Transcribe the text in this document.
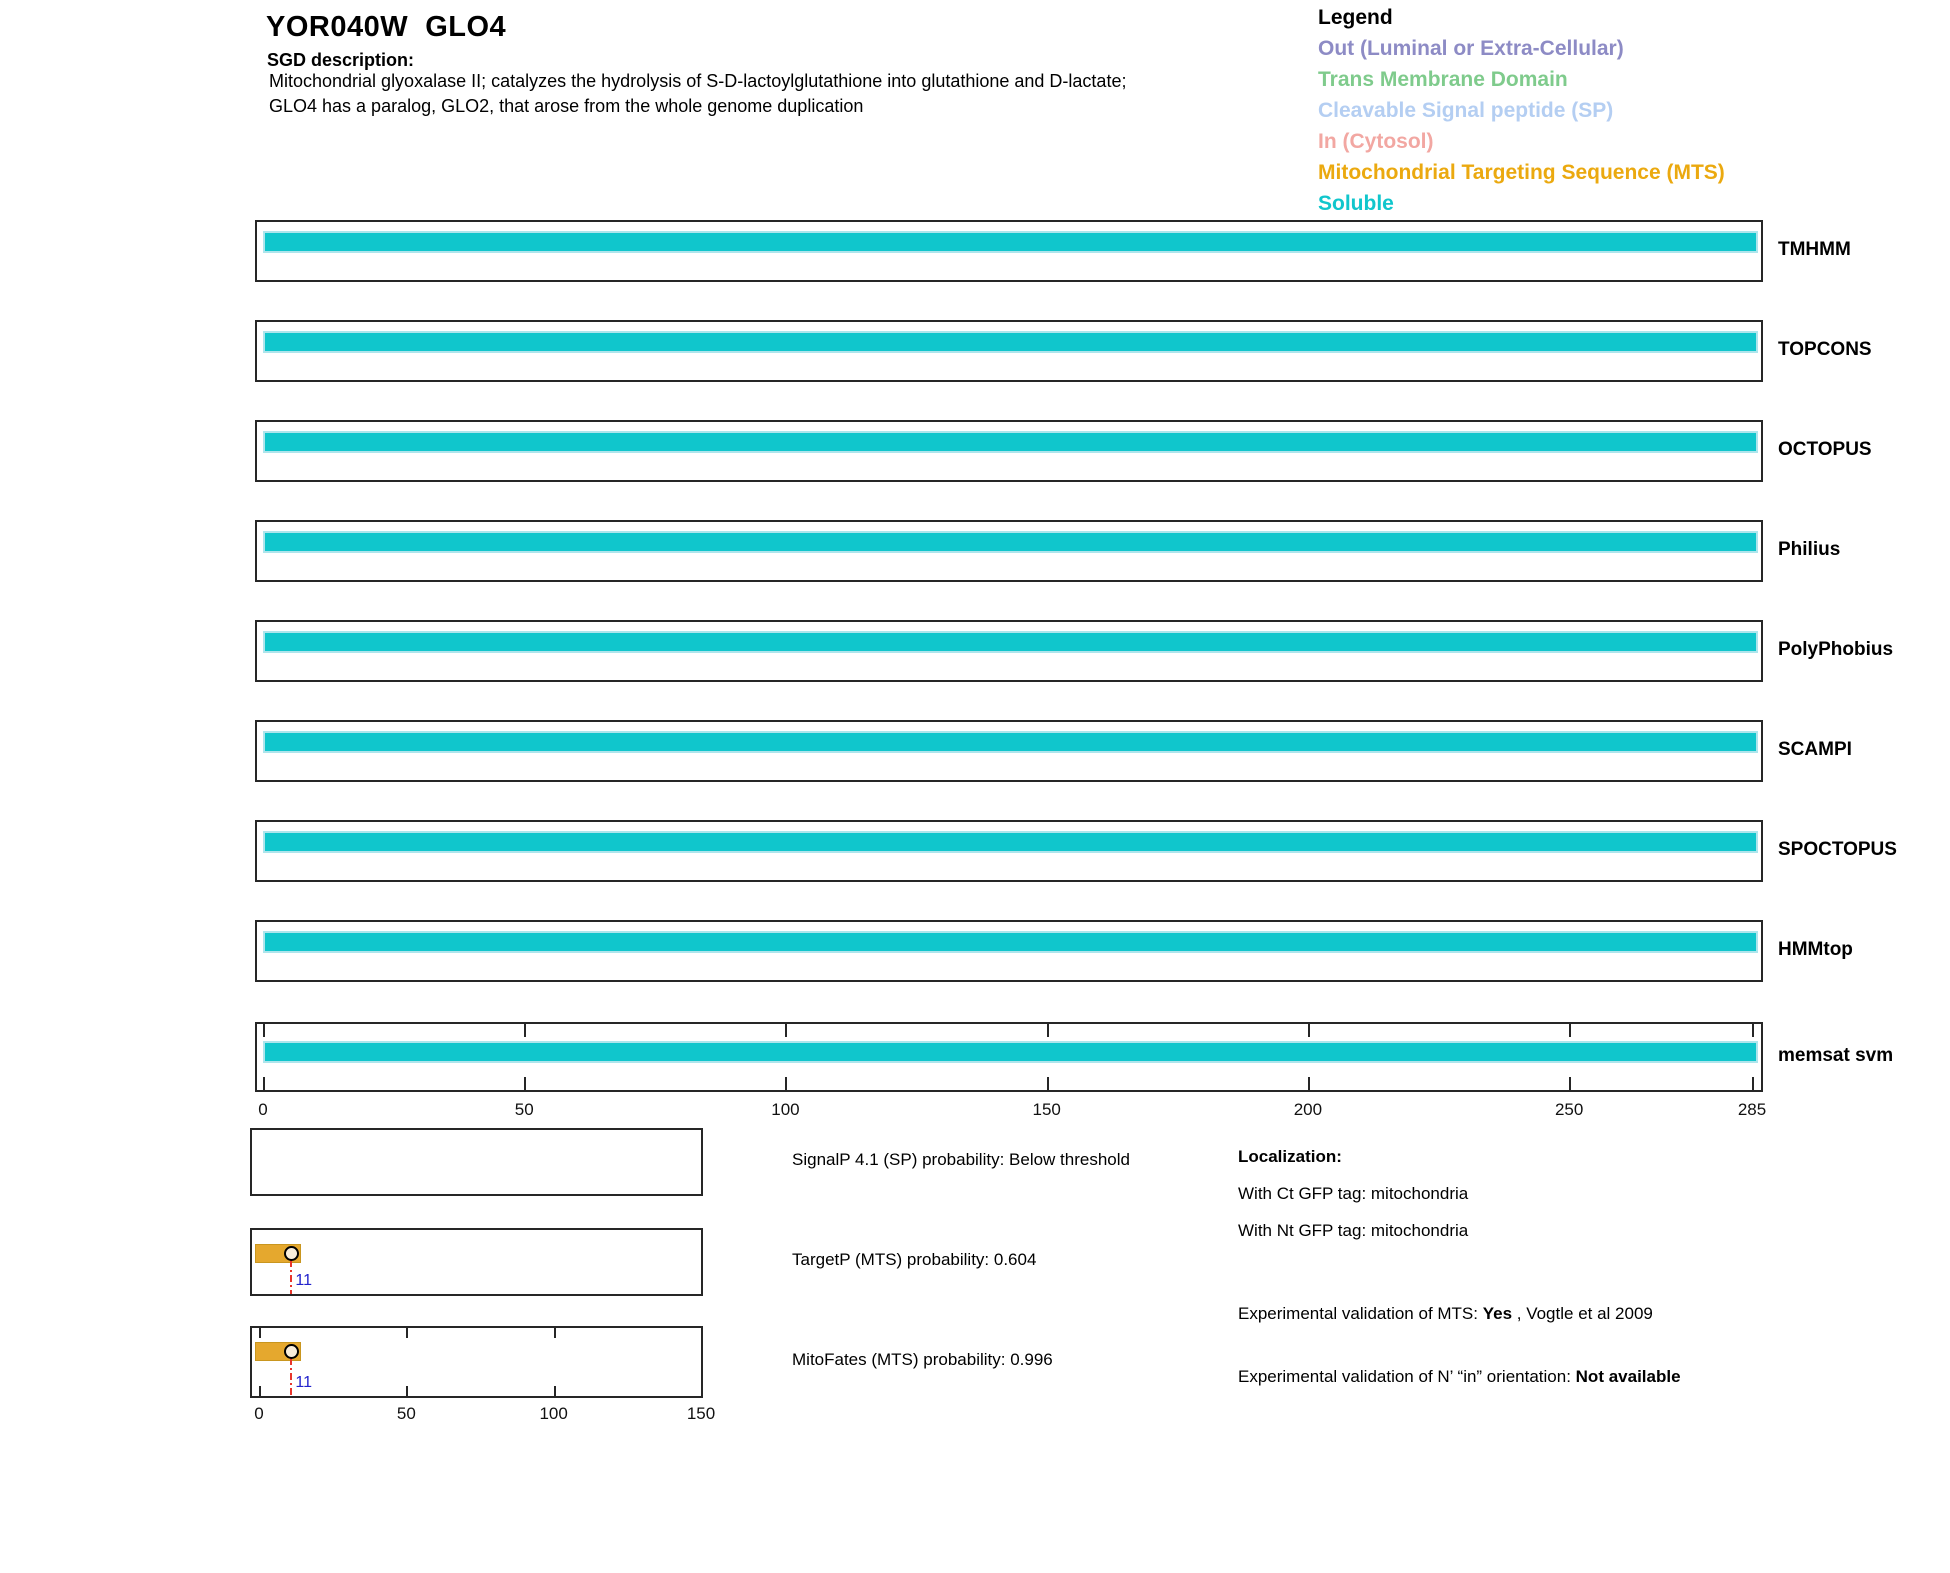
YOR040W  GLO4
SGD description:
Mitochondrial glyoxalase II; catalyzes the hydrolysis of S-D-lactoylglutathione into glutathione and D-lactate;
GLO4 has a paralog, GLO2, that arose from the whole genome duplication
Legend
Out (Luminal or Extra-Cellular)
Trans Membrane Domain
Cleavable Signal peptide (SP)
In (Cytosol)
Mitochondrial Targeting Sequence (MTS)
Soluble
TMHMM
TOPCONS
OCTOPUS
Philius
PolyPhobius
SCAMPI
SPOCTOPUS
HMMtop
memsat svm
0	50	100	150	200	250	285
SignalP 4.1 (SP) probability: Below threshold
11
TargetP (MTS) probability: 0.604
11
0	50	100	150
MitoFates (MTS) probability: 0.996
Localization:
With Ct GFP tag: mitochondria
With Nt GFP tag: mitochondria
Experimental validation of MTS: Yes , Vogtle et al 2009
Experimental validation of N’ “in” orientation: Not available
